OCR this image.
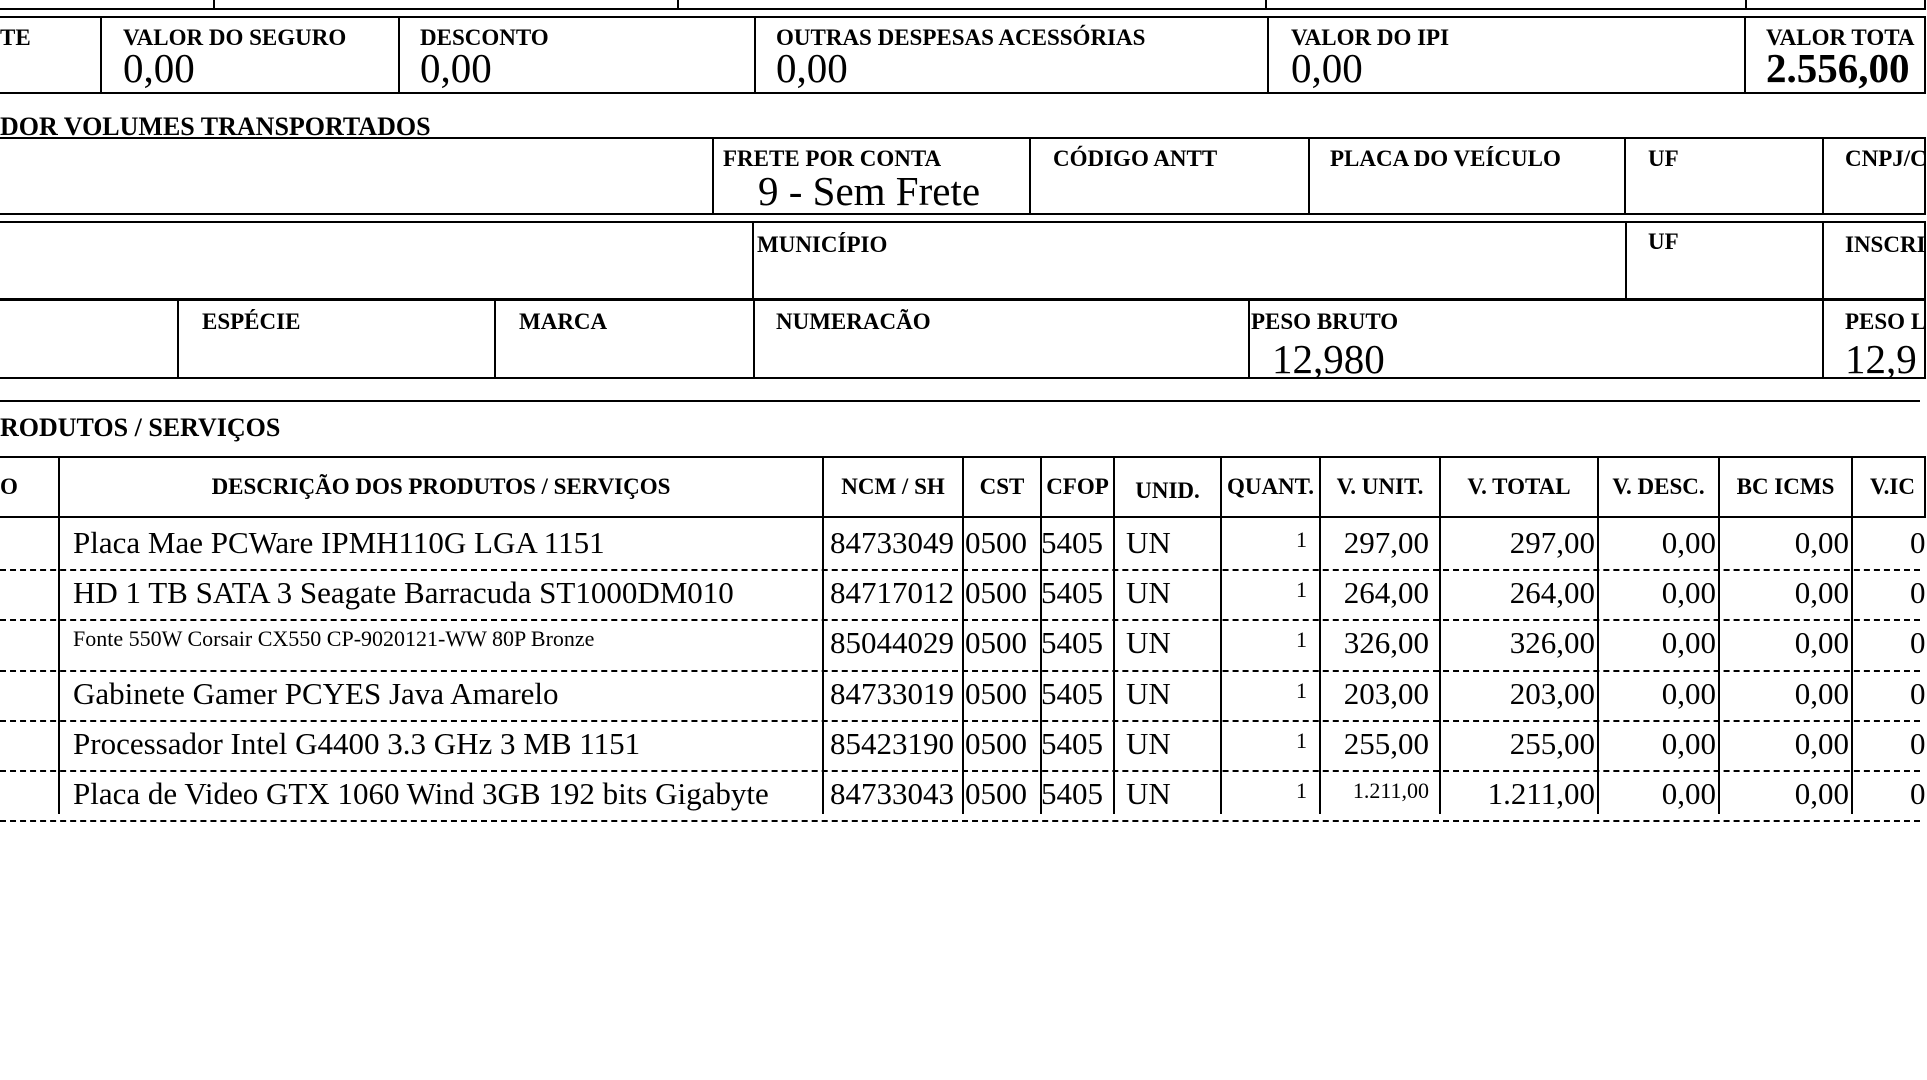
TE	VALOR DO SEGURO
0,00
DESCONTO
0,00
OUTRAS DESPESAS ACESSÓRIAS
0,00
VALOR DO IPI
0,00
VALOR TOTA
2.556,00
DOR VOLUMES TRANSPORTADOS
FRETE POR CONTA
9 - Sem Frete
CÓDIGO ANTT	PLACA DO VEÍCULO	UF	CNPJ/C
MUNICÍPIO	UF	INSCRI
ESPÉCIE	MARCA	NUMERACÃO	PESO BRUTO
12,980
PESO L
12,9
RODUTOS / SERVIÇOS
O	DESCRIÇÃO DOS PRODUTOS / SERVIÇOS	NCM / SH	CST CFOP	UNID.	QUANT. V. UNIT.	V. TOTAL	V. DESC.	BC ICMS	V.IC
Placa Mae PCWare IPMH110G LGA 1151	84733049 0500 5405 UN	1	297,00	297,00	0,00	0,00 0
HD 1 TB SATA 3 Seagate Barracuda ST1000DM010	84717012 0500 5405 UN	1	264,00	264,00	0,00	0,00 0
Fonte 550W Corsair CX550 CP-9020121-WW 80P Bronze	85044029 0500 5405 UN	1	326,00	326,00	0,00	0,00 0
Gabinete Gamer PCYES Java Amarelo	84733019 0500 5405 UN	1	203,00	203,00	0,00	0,00 0
Processador Intel G4400 3.3 GHz 3 MB 1151	85423190 0500 5405 UN	1	255,00	255,00	0,00	0,00 0
Placa de Video GTX 1060 Wind 3GB 192 bits Gigabyte 84733043 0500 5405 UN	1	1.211,00	1.211,00	0,00	0,00 0
